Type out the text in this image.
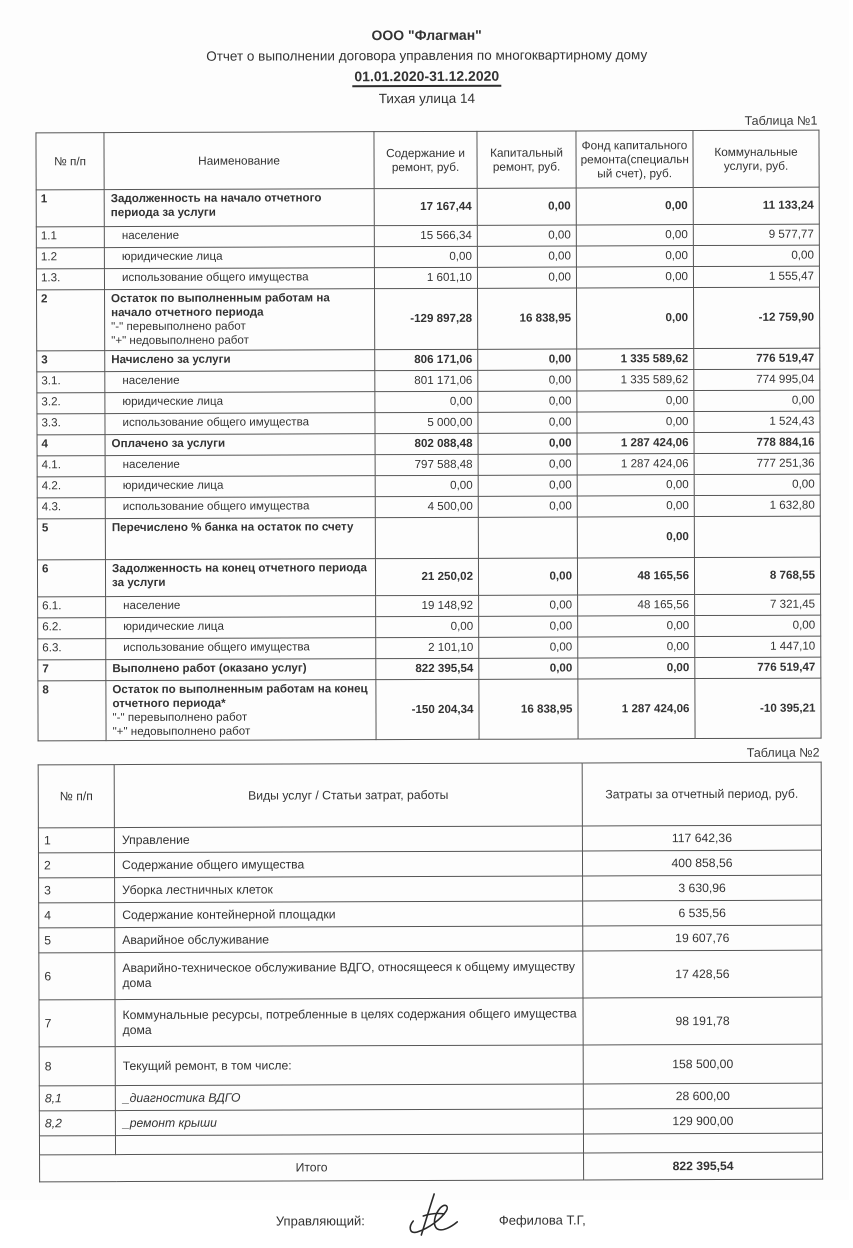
ООО "Флагман"
Отчет о выполнении договора управления по многоквартирному дому
01.01.2020-31.12.2020
Тихая улица 14
Таблица №1
№ п/п	Наименование	Содержание и ремонт, руб.	Капитальный ремонт, руб.	Фонд капитального ремонта(специальн ый счет), руб.	Коммунальные услуги, руб.
1	Задолженность на начало отчетного периода за услуги	17 167,44	0,00	0,00	11 133,24
1.1	население	15 566,34	0,00	0,00	9 577,77
1.2	юридические лица	0,00	0,00	0,00	0,00
1.3.	использование общего имущества	1 601,10	0,00	0,00	1 555,47
2	Остаток по выполненным работам на начало отчетного периода
"-" перевыполнено работ
"+" недовыполнено работ	-129 897,28	16 838,95	0,00	-12 759,90
3	Начислено за услуги	806 171,06	0,00	1 335 589,62	776 519,47
3.1.	население	801 171,06	0,00	1 335 589,62	774 995,04
3.2.	юридические лица	0,00	0,00	0,00	0,00
3.3.	использование общего имущества	5 000,00	0,00	0,00	1 524,43
4	Оплачено за услуги	802 088,48	0,00	1 287 424,06	778 884,16
4.1.	население	797 588,48	0,00	1 287 424,06	777 251,36
4.2.	юридические лица	0,00	0,00	0,00	0,00
4.3.	использование общего имущества	4 500,00	0,00	0,00	1 632,80
5	Перечислено % банка на остаток по счету			0,00	
6	Задолженность на конец отчетного периода за услуги	21 250,02	0,00	48 165,56	8 768,55
6.1.	население	19 148,92	0,00	48 165,56	7 321,45
6.2.	юридические лица	0,00	0,00	0,00	0,00
6.3.	использование общего имущества	2 101,10	0,00	0,00	1 447,10
7	Выполнено работ (оказано услуг)	822 395,54	0,00	0,00	776 519,47
8	Остаток по выполненным работам на конец отчетного периода*
"-" перевыполнено работ
"+" недовыполнено работ	-150 204,34	16 838,95	1 287 424,06	-10 395,21
Таблица №2
№ п/п	Виды услуг / Статьи затрат, работы	Затраты за отчетный период, руб.
1	Управление	117 642,36
2	Содержание общего имущества	400 858,56
3	Уборка лестничных клеток	3 630,96
4	Содержание контейнерной площадки	6 535,56
5	Аварийное обслуживание	19 607,76
6	Аварийно-техническое обслуживание ВДГО, относящееся к общему имуществу дома	17 428,56
7	Коммунальные ресурсы, потребленные в целях содержания общего имущества дома	98 191,78
8	Текущий ремонт, в том числе:	158 500,00
8,1	_диагностика ВДГО	28 600,00
8,2	_ремонт крыши	129 900,00

Итого		822 395,54
Управляющий:	Фефилова Т.Г,
